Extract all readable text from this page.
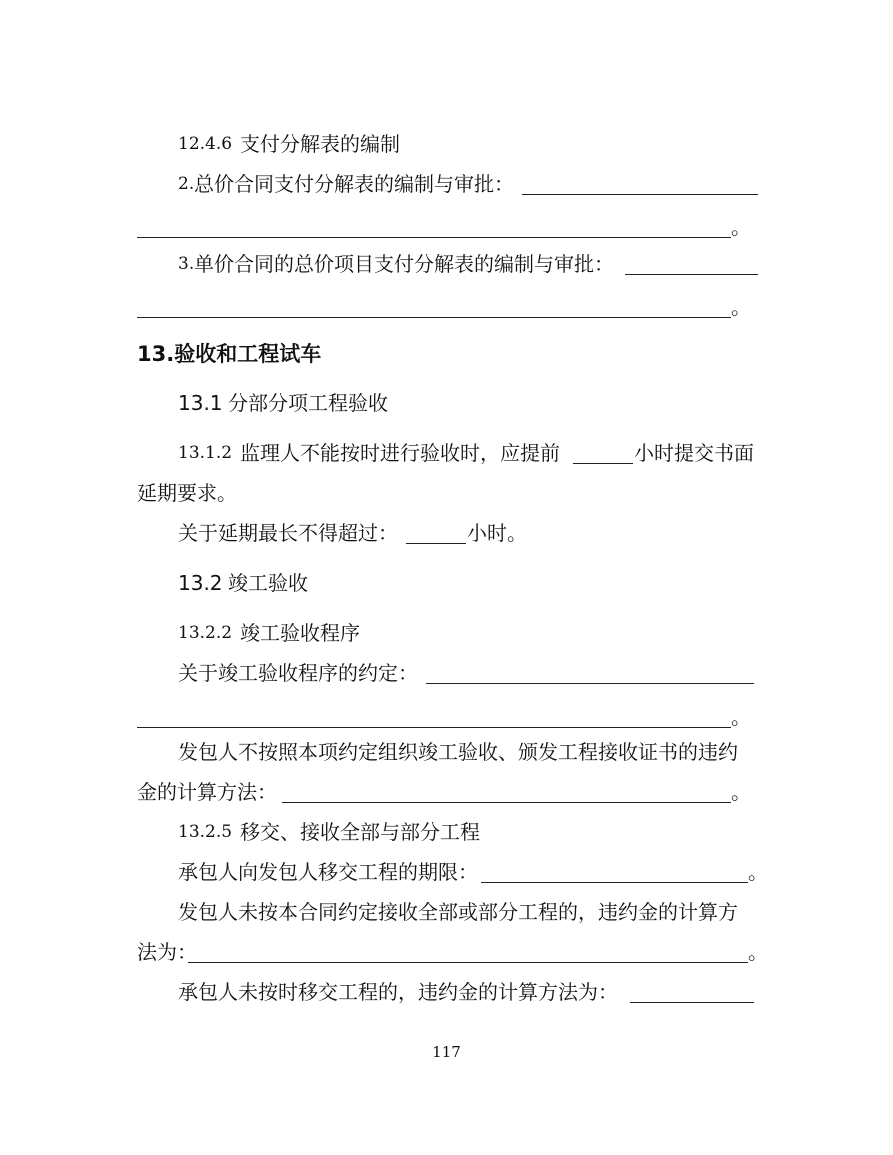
12.4.6 支付分解表的编制
2. 总价合同支付分解表的编制与审批：
。
3. 单价合同的总价项目支付分解表的编制与审批：
。
13.验收和工程试车
13.1 分部分项工程验收
13.1.2 监理人不能按时进行验收时，应提前	小时提交书面
延期要求。
关于延期最长不得超过：	小时。
13.2 竣工验收
13.2.2 竣工验收程序
关于竣工验收程序的约定：
。
发包人不按照本项约定组织竣工验收、颁发工程接收证书的违约
金的计算方法：	。
13.2.5 移交、接收全部与部分工程
承包人向发包人移交工程的期限：	。
发包人未按本合同约定接收全部或部分工程的，违约金的计算方
法为：	。
承包人未按时移交工程的，违约金的计算方法为：
117
